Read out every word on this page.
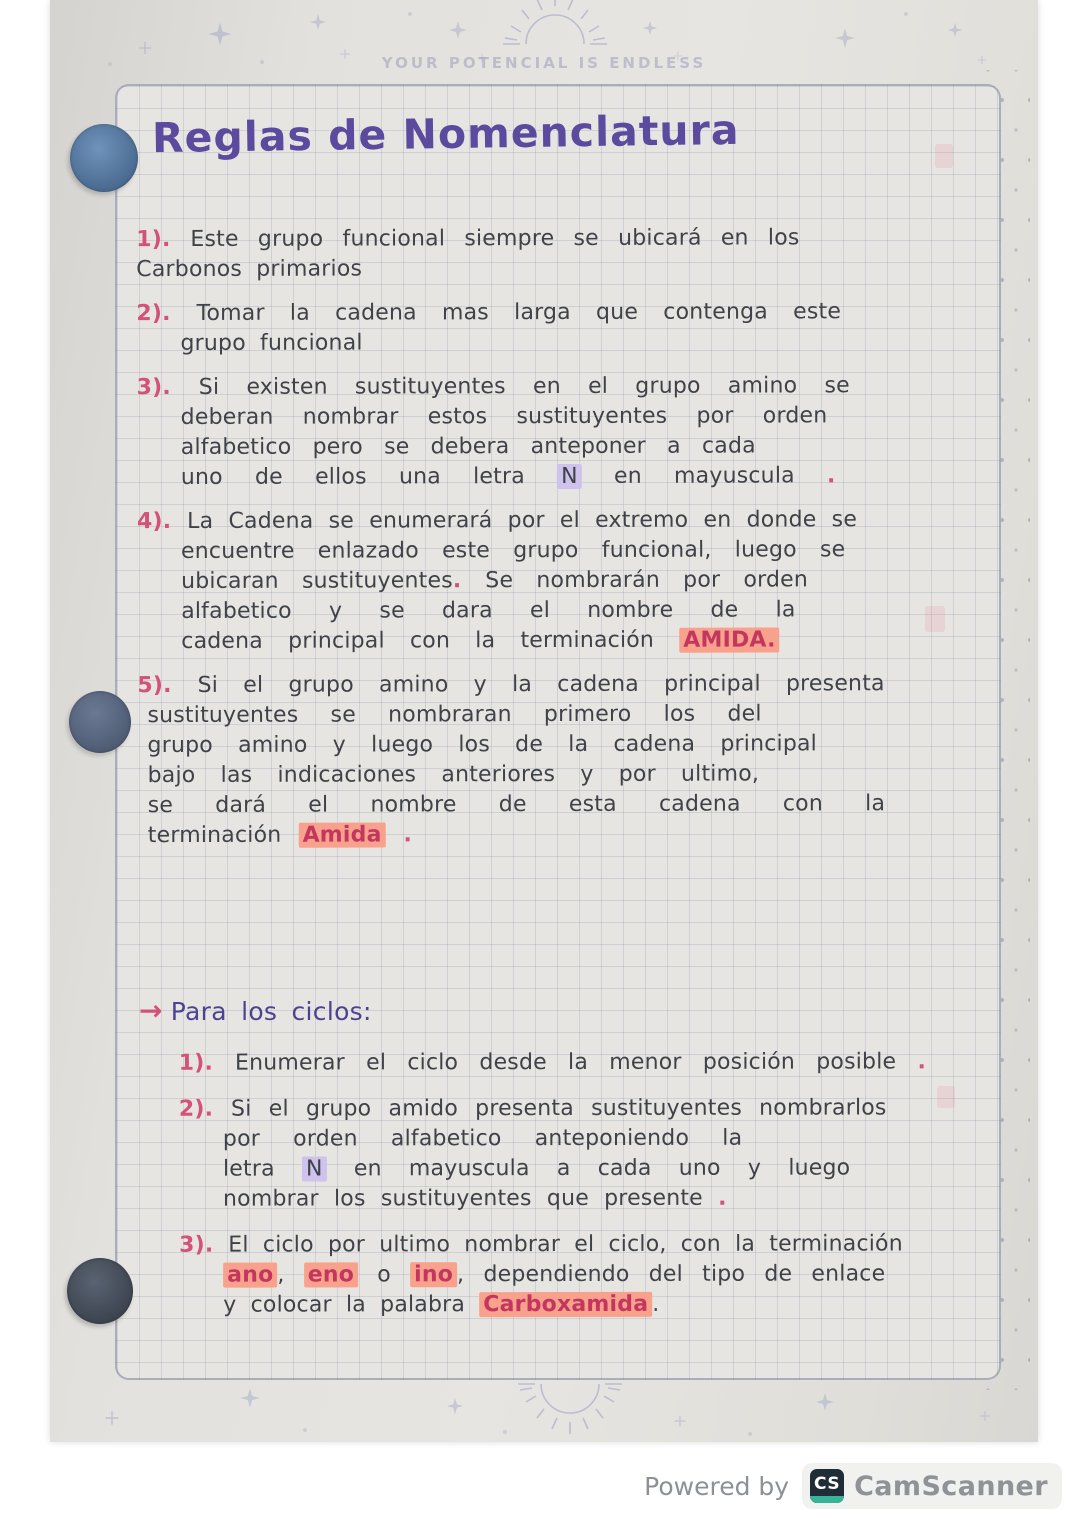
YOUR POTENCIAL IS ENDLESS
Reglas de Nomenclatura
1). Este grupo funcional siempre se ubicará en los
Carbonos primarios
2). Tomar la cadena mas larga que contenga este
grupo funcional
3). Si existen sustituyentes en el grupo amino se
deberan nombrar estos sustituyentes por orden
alfabetico pero se debera anteponer a cada
uno de ellos una letra N en mayuscula .
4). La Cadena se enumerará por el extremo en donde se
encuentre enlazado este grupo funcional, luego se
ubicaran sustituyentes. Se nombrarán por orden
alfabetico y se dara el nombre de la
cadena principal con la terminación AMIDA.
5). Si el grupo amino y la cadena principal presenta
sustituyentes se nombraran primero los del
grupo amino y luego los de la cadena principal
bajo las indicaciones anteriores y por ultimo,
se dará el nombre de esta cadena con la
terminación Amida .
→ Para los ciclos:
1). Enumerar el ciclo desde la menor posición posible .
2). Si el grupo amido presenta sustituyentes nombrarlos
por orden alfabetico anteponiendo la
letra N en mayuscula a cada uno y luego
nombrar los sustituyentes que presente .
3). El ciclo por ultimo nombrar el ciclo, con la terminación
ano , eno o ino , dependiendo del tipo de enlace
y colocar la palabra Carboxamida .
Powered by CS CamScanner
